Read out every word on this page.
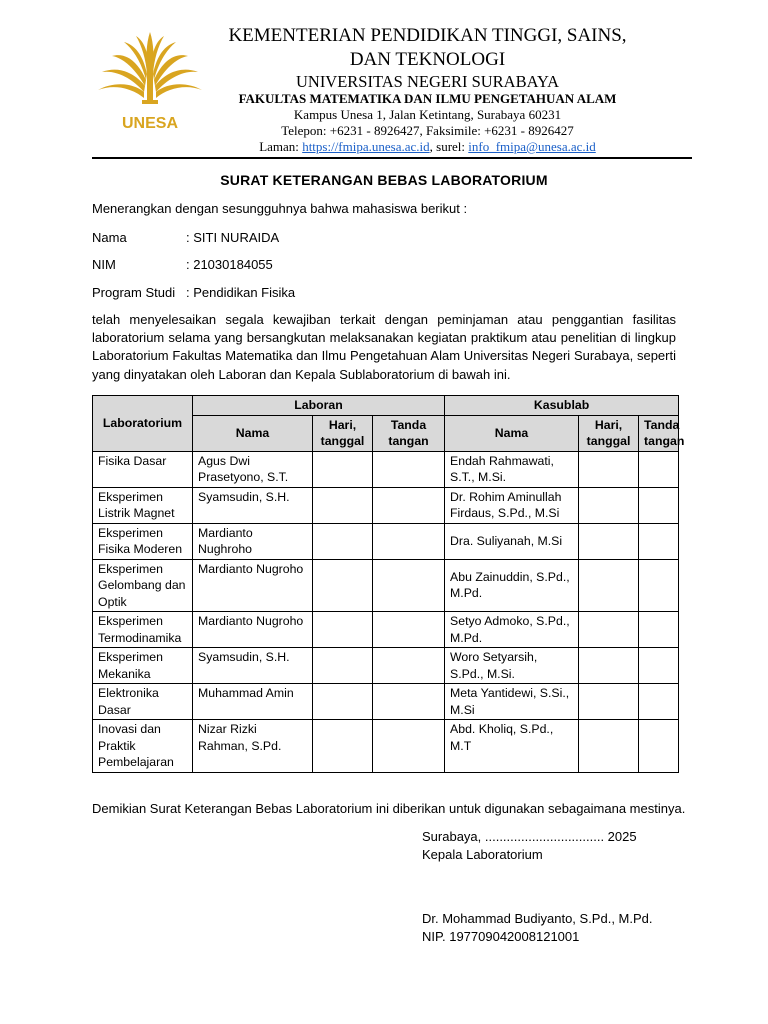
UNESA
KEMENTERIAN PENDIDIKAN TINGGI, SAINS,
DAN TEKNOLOGI
UNIVERSITAS NEGERI SURABAYA
FAKULTAS MATEMATIKA DAN ILMU PENGETAHUAN ALAM
Kampus Unesa 1, Jalan Ketintang, Surabaya 60231
Telepon: +6231 - 8926427, Faksimile: +6231 - 8926427
Laman: https://fmipa.unesa.ac.id, surel: info_fmipa@unesa.ac.id
SURAT KETERANGAN BEBAS LABORATORIUM
Menerangkan dengan sesungguhnya bahwa mahasiswa berikut :
Nama	: SITI NURAIDA
NIM	: 21030184055
Program Studi : Pendidikan Fisika
telah menyelesaikan segala kewajiban terkait dengan peminjaman atau penggantian fasilitas laboratorium selama yang bersangkutan melaksanakan kegiatan praktikum atau penelitian di lingkup Laboratorium Fakultas Matematika dan Ilmu Pengetahuan Alam Universitas Negeri Surabaya, seperti yang dinyatakan oleh Laboran dan Kepala Sublaboratorium di bawah ini.
Laboratorium	Laboran			Kasublab		
	Nama	Hari, tanggal	Tanda tangan	Nama	Hari, tanggal	Tanda tangan
Fisika Dasar	Agus Dwi Prasetyono, S.T.			Endah Rahmawati, S.T., M.Si.		
Eksperimen Listrik Magnet	Syamsudin, S.H.			Dr. Rohim Aminullah Firdaus, S.Pd., M.Si		
Eksperimen Fisika Moderen	Mardianto Nughroho			Dra. Suliyanah, M.Si		
Eksperimen Gelombang dan Optik	Mardianto Nugroho			Abu Zainuddin, S.Pd., M.Pd.		
Eksperimen Termodinamika	Mardianto Nugroho			Setyo Admoko, S.Pd., M.Pd.		
Eksperimen Mekanika	Syamsudin, S.H.			Woro Setyarsih, S.Pd., M.Si.		
Elektronika Dasar	Muhammad Amin			Meta Yantidewi, S.Si., M.Si		
Inovasi dan Praktik Pembelajaran	Nizar Rizki Rahman, S.Pd.			Abd. Kholiq, S.Pd., M.T		
Demikian Surat Keterangan Bebas Laboratorium ini diberikan untuk digunakan sebagaimana mestinya.
Surabaya, ................................. 2025
Kepala Laboratorium
Dr. Mohammad Budiyanto, S.Pd., M.Pd.
NIP. 197709042008121001
